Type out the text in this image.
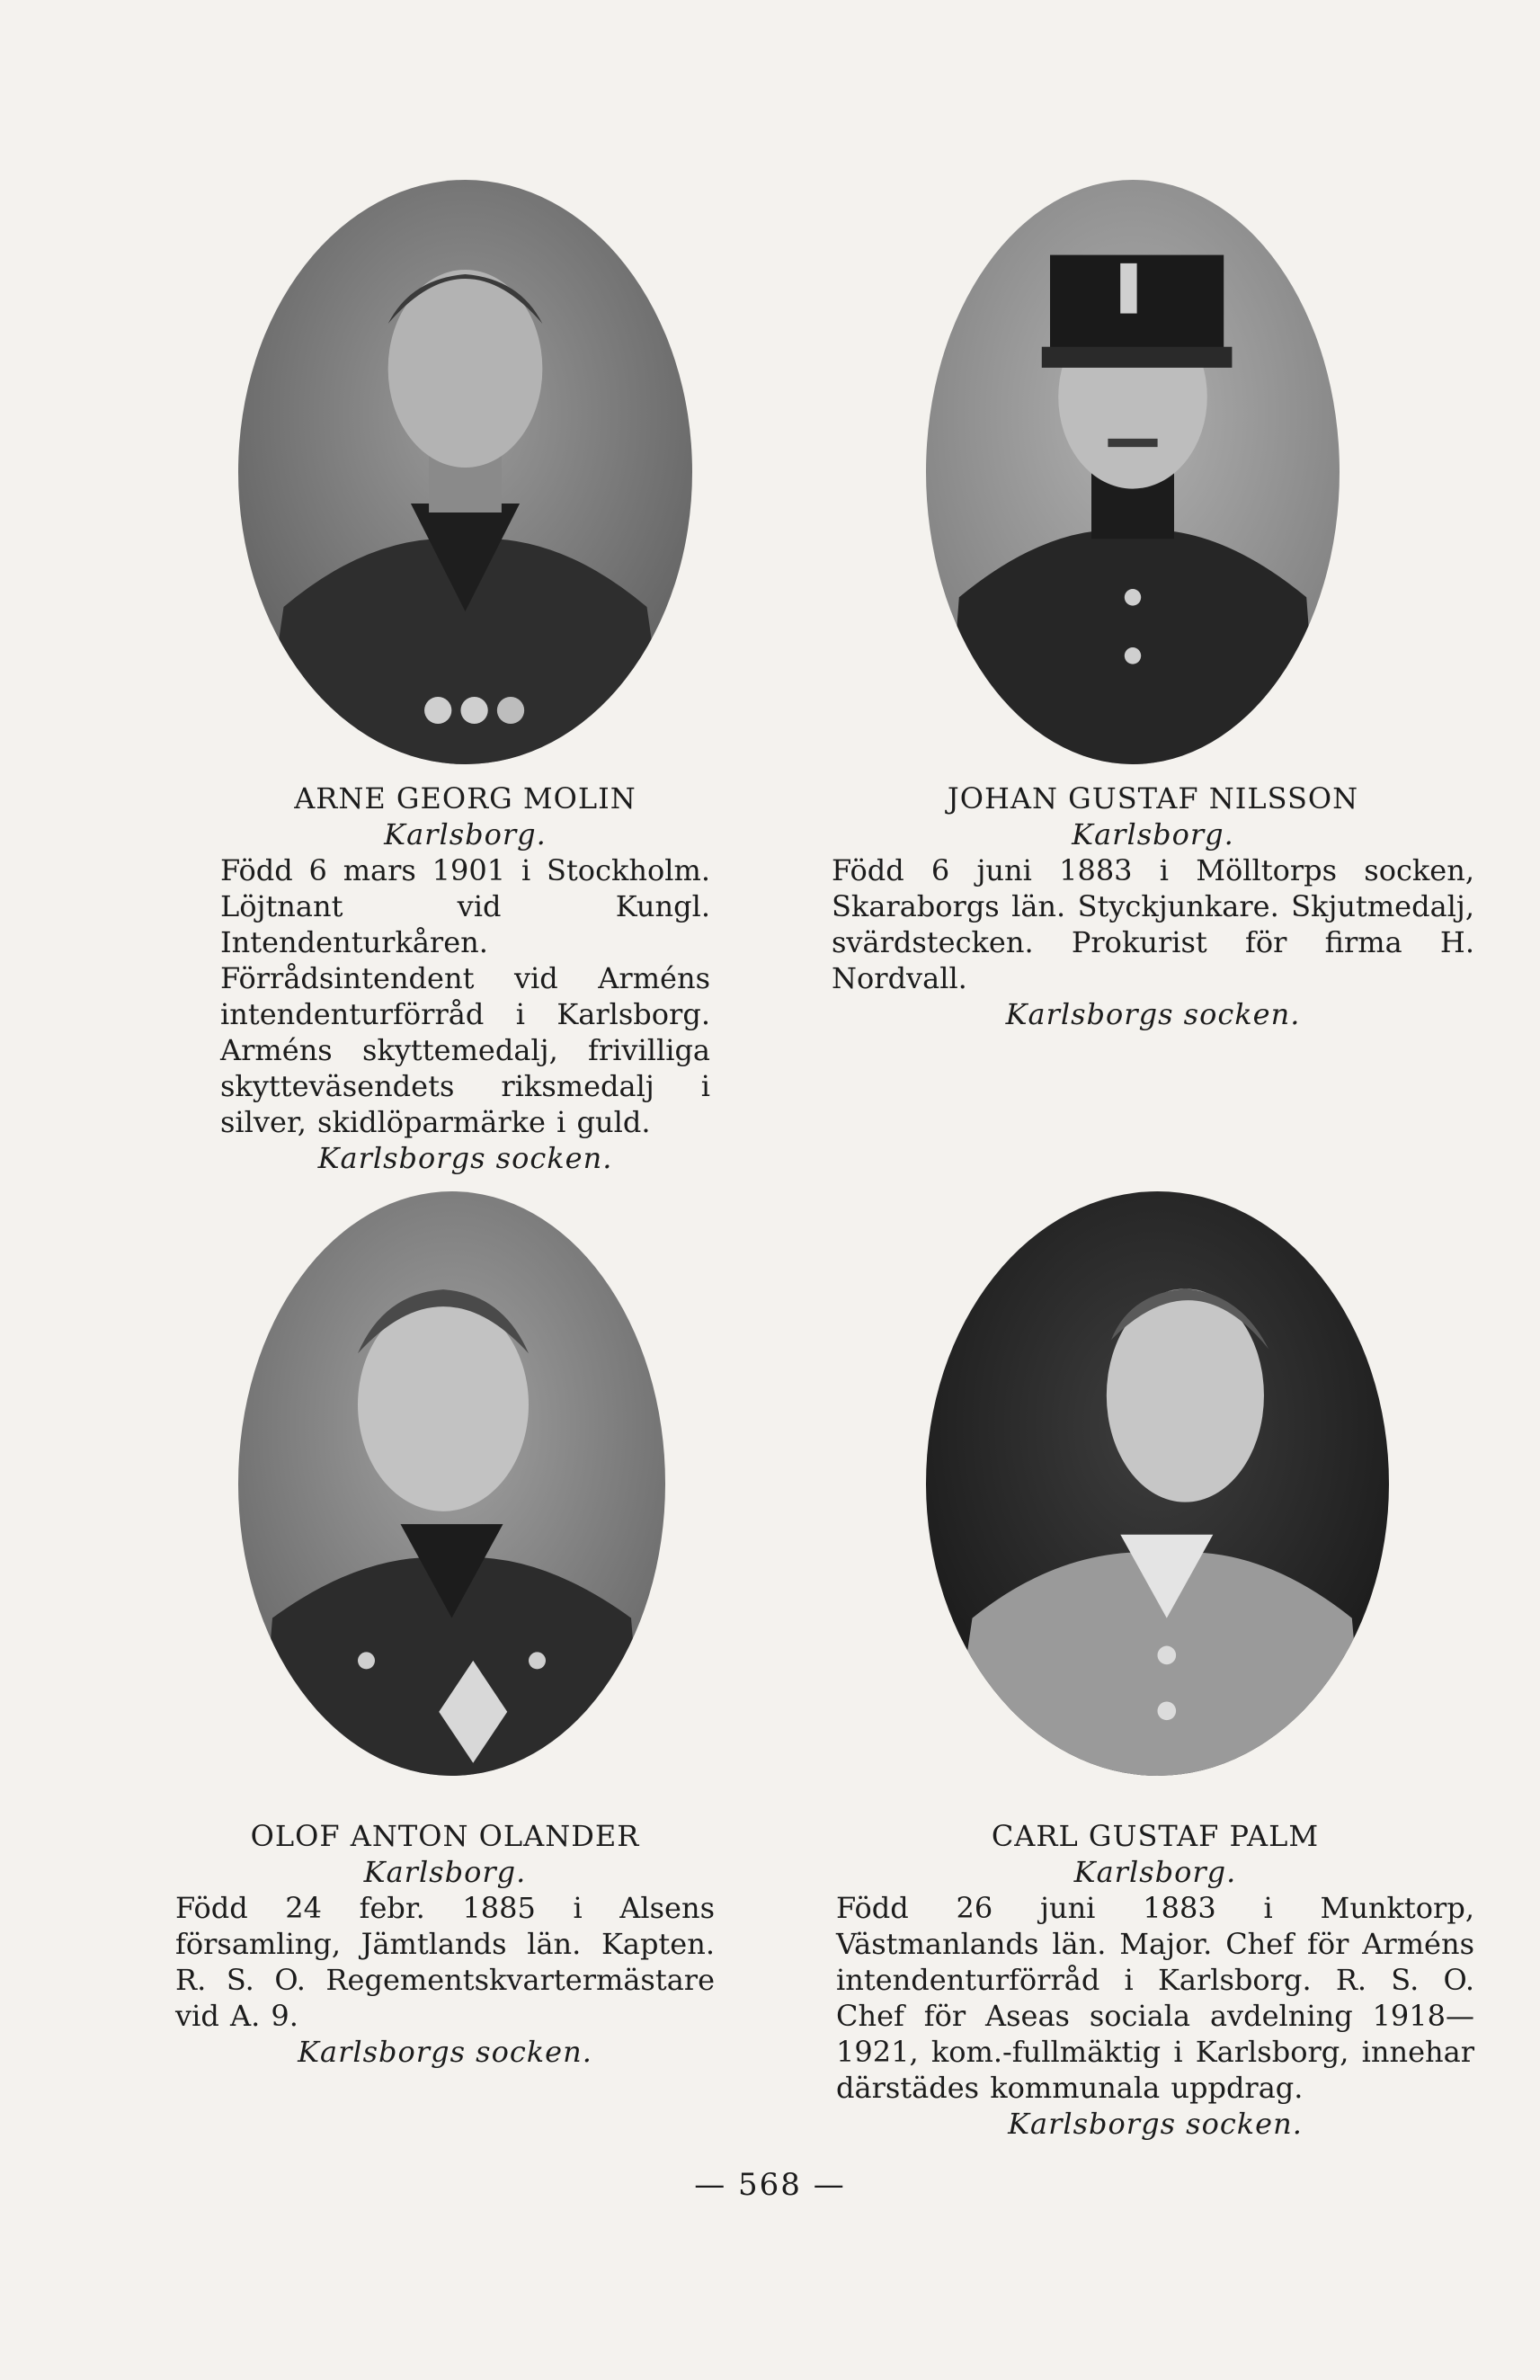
ARNE GEORG MOLIN
Karlsborg.
Född 6 mars 1901 i Stockholm. Löjtnant vid Kungl. Intendenturkåren. Förrådsintendent vid Arméns intendenturförråd i Karlsborg. Arméns skyttemedalj, frivilliga skytteväsendets riksmedalj i silver, skidlöparmärke i guld.
Karlsborgs socken.
JOHAN GUSTAF NILSSON
Karlsborg.
Född 6 juni 1883 i Mölltorps socken, Skaraborgs län. Styckjunkare. Skjutmedalj, svärdstecken. Prokurist för firma H. Nordvall.
Karlsborgs socken.
OLOF ANTON OLANDER
Karlsborg.
Född 24 febr. 1885 i Alsens församling, Jämtlands län. Kapten. R. S. O. Regementskvartermästare vid A. 9.
Karlsborgs socken.
CARL GUSTAF PALM
Karlsborg.
Född 26 juni 1883 i Munktorp, Västmanlands län. Major. Chef för Arméns intendenturförråd i Karlsborg. R. S. O. Chef för Aseas sociala avdelning 1918—1921, kom.-fullmäktig i Karlsborg, innehar därstädes kommunala uppdrag.
Karlsborgs socken.
— 568 —
